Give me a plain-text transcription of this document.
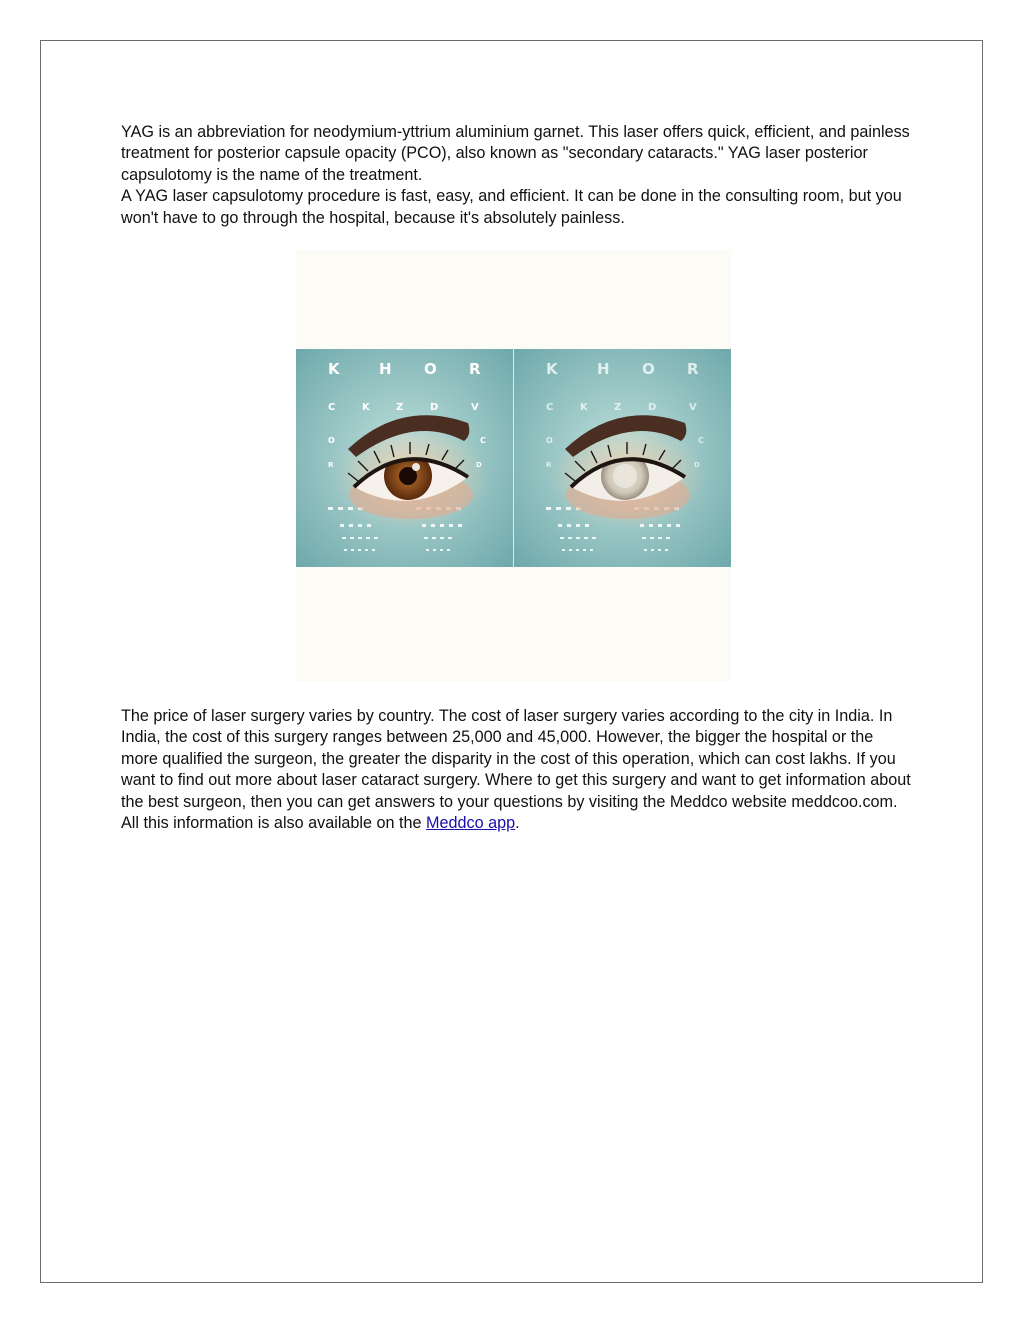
YAG is an abbreviation for neodymium-yttrium aluminium garnet. This laser offers quick, efficient, and painless treatment for posterior capsule opacity (PCO), also known as "secondary cataracts." YAG laser posterior capsulotomy is the name of the treatment.

A YAG laser capsulotomy procedure is fast, easy, and efficient. It can be done in the consulting room, but you won't have to go through the hospital, because it's absolutely painless.

K	H O R
C	K	Z	D	V
O	C
R
K	H O R
C	K	Z	D	V
O	C
R

The price of laser surgery varies by country. The cost of laser surgery varies according to the city in India. In India, the cost of this surgery ranges between 25,000 and 45,000. However, the bigger the hospital or the more qualified the surgeon, the greater the disparity in the cost of this operation, which can cost lakhs. If you want to find out more about laser cataract surgery. Where to get this surgery and want to get information about the best surgeon, then you can get answers to your questions by visiting the Meddco website meddcoo.com. All this information is also available on the Meddco app.
